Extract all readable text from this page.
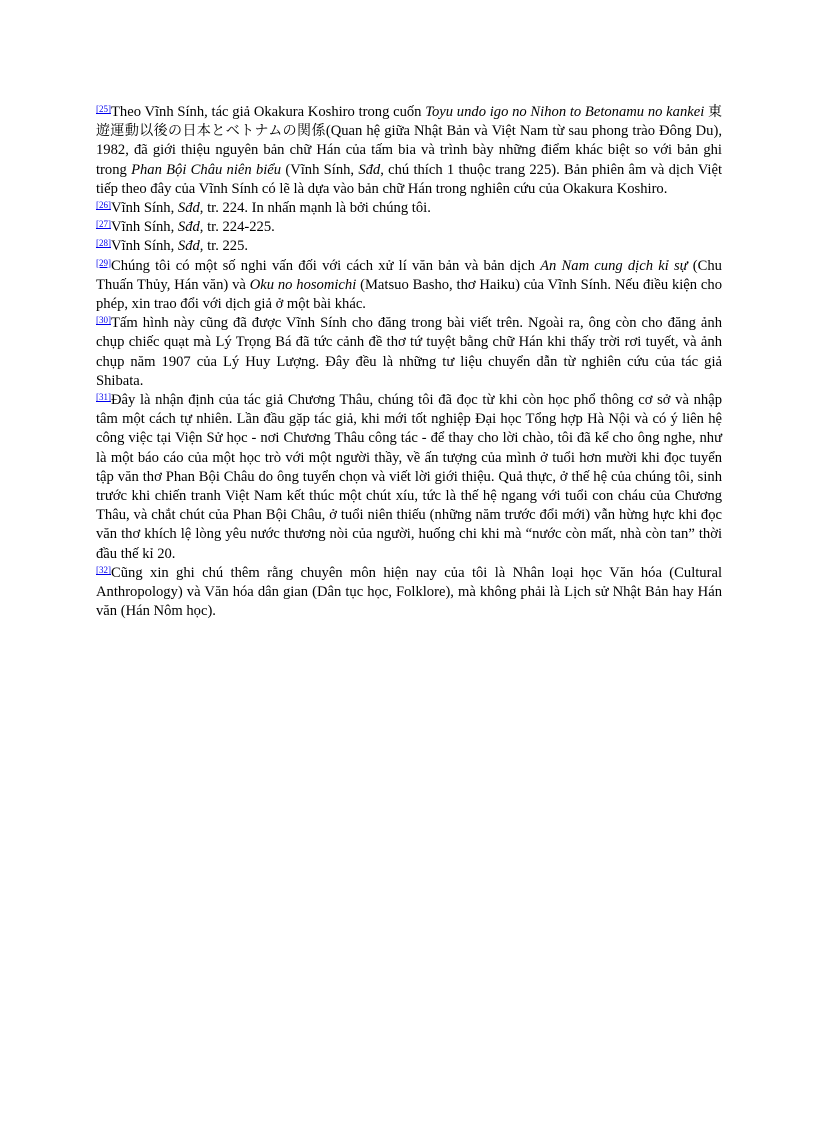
[25]Theo Vĩnh Sính, tác giả Okakura Koshiro trong cuốn Toyu undo igo no Nihon to Betonamu no kankei 東遊運動以後の日本とベトナムの関係(Quan hệ giữa Nhật Bản và Việt Nam từ sau phong trào Đông Du), 1982, đã giới thiệu nguyên bản chữ Hán của tấm bia và trình bày những điểm khác biệt so với bản ghi trong Phan Bội Châu niên biểu (Vĩnh Sính, Sđd, chú thích 1 thuộc trang 225). Bản phiên âm và dịch Việt tiếp theo đây của Vĩnh Sính có lẽ là dựa vào bản chữ Hán trong nghiên cứu của Okakura Koshiro.

[26]Vĩnh Sính, Sđd, tr. 224. In nhấn mạnh là bởi chúng tôi.

[27]Vĩnh Sính, Sđd, tr. 224-225.

[28]Vĩnh Sính, Sđd, tr. 225.

[29]Chúng tôi có một số nghi vấn đối với cách xử lí văn bản và bản dịch An Nam cung dịch kỉ sự (Chu Thuấn Thủy, Hán văn) và Oku no hosomichi (Matsuo Basho, thơ Haiku) của Vĩnh Sính. Nếu điều kiện cho phép, xin trao đổi với dịch giả ở một bài khác.

[30]Tấm hình này cũng đã được Vĩnh Sính cho đăng trong bài viết trên. Ngoài ra, ông còn cho đăng ảnh chụp chiếc quạt mà Lý Trọng Bá đã tức cảnh đề thơ tứ tuyệt bằng chữ Hán khi thấy trời rơi tuyết, và ảnh chụp năm 1907 của Lý Huy Lượng. Đây đều là những tư liệu chuyển dẫn từ nghiên cứu của tác giả Shibata.

[31]Đây là nhận định của tác giả Chương Thâu, chúng tôi đã đọc từ khi còn học phổ thông cơ sở và nhập tâm một cách tự nhiên. Lần đầu gặp tác giả, khi mới tốt nghiệp Đại học Tổng hợp Hà Nội và có ý liên hệ công việc tại Viện Sử học - nơi Chương Thâu công tác - để thay cho lời chào, tôi đã kể cho ông nghe, như là một báo cáo của một học trò với một người thầy, về ấn tượng của mình ở tuổi hơn mười khi đọc tuyển tập văn thơ Phan Bội Châu do ông tuyển chọn và viết lời giới thiệu. Quả thực, ở thế hệ của chúng tôi, sinh trước khi chiến tranh Việt Nam kết thúc một chút xíu, tức là thế hệ ngang với tuổi con cháu của Chương Thâu, và chắt chút của Phan Bội Châu, ở tuổi niên thiếu (những năm trước đổi mới) vẫn hừng hực khi đọc văn thơ khích lệ lòng yêu nước thương nòi của người, huống chi khi mà “nước còn mất, nhà còn tan” thời đầu thế kỉ 20.

[32]Cũng xin ghi chú thêm rằng chuyên môn hiện nay của tôi là Nhân loại học Văn hóa (Cultural Anthropology) và Văn hóa dân gian (Dân tục học, Folklore), mà không phải là Lịch sử Nhật Bản hay Hán văn (Hán Nôm học).
